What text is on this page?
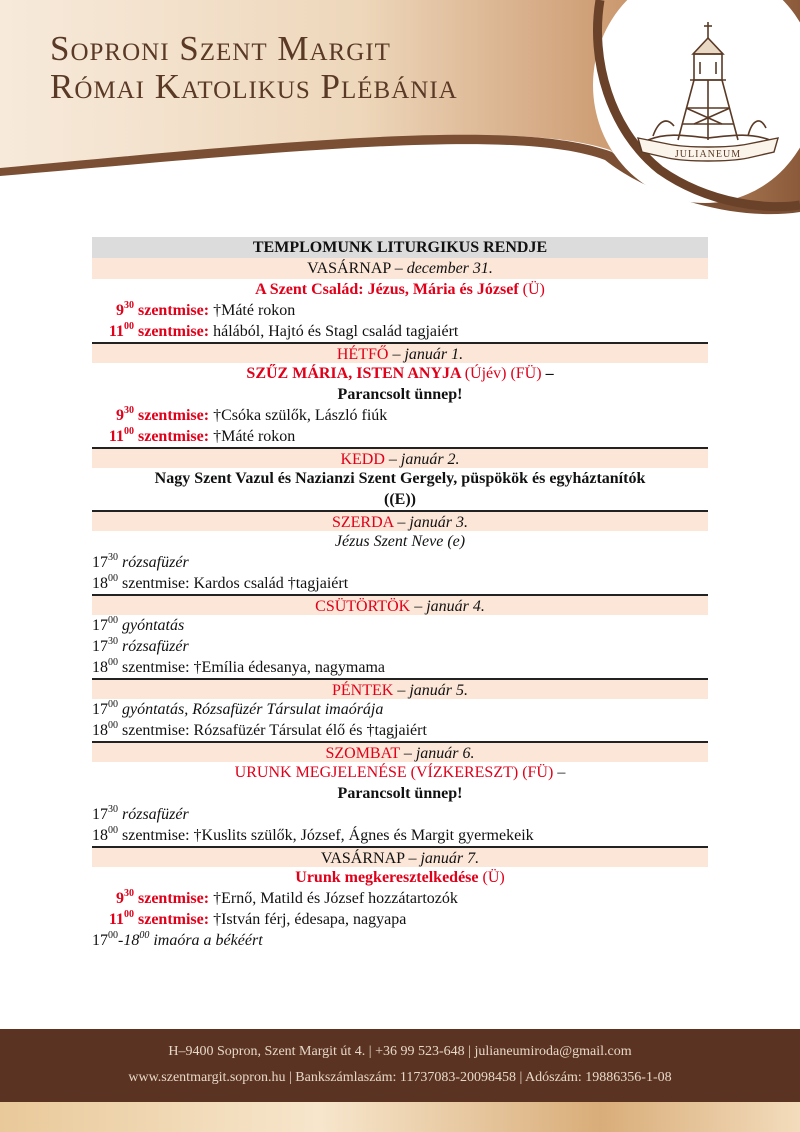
Soproni Szent Margit
Római Katolikus Plébánia
JULIANEUM
TEMPLOMUNK LITURGIKUS RENDJE
VASÁRNAP – december 31.
A Szent Család: Jézus, Mária és József (Ü)
$9^{30}$ szentmise: †Máté rokon
$11^{00}$ szentmise: hálából, Hajtó és Stagl család tagjaiért
HÉTFŐ – január 1.
SZŰZ MÁRIA, ISTEN ANYJA (Újév) (FÜ) –
Parancsolt ünnep!
$9^{30}$ szentmise: †Csóka szülők, László fiúk
$11^{00}$ szentmise: †Máté rokon
KEDD – január 2.
Nagy Szent Vazul és Nazianzi Szent Gergely, püspökök és egyháztanítók
((E))
SZERDA – január 3.
Jézus Szent Neve (e)
$17^{30}$ rózsafüzér
$18^{00}$ szentmise: Kardos család †tagjaiért
CSÜTÖRTÖK – január 4.
$17^{00}$ gyóntatás
$17^{30}$ rózsafüzér
$18^{00}$ szentmise: †Emília édesanya, nagymama
PÉNTEK – január 5.
$17^{00}$ gyóntatás, Rózsafüzér Társulat imaórája
$18^{00}$ szentmise: Rózsafüzér Társulat élő és †tagjaiért
SZOMBAT – január 6.
URUNK MEGJELENÉSE (VÍZKERESZT) (FÜ) –
Parancsolt ünnep!
$17^{30}$ rózsafüzér
$18^{00}$ szentmise: †Kuslits szülők, József, Ágnes és Margit gyermekeik
VASÁRNAP – január 7.
Urunk megkeresztelkedése (Ü)
$9^{30}$ szentmise: †Ernő, Matild és József hozzátartozók
$11^{00}$ szentmise: †István férj, édesapa, nagyapa
$17^{00}-18^{00}$ imaóra a békéért
H–9400 Sopron, Szent Margit út 4. | +36 99 523-648 | julianeumiroda@gmail.com
www.szentmargit.sopron.hu | Bankszámlaszám: 11737083-20098458 | Adószám: 19886356-1-08
